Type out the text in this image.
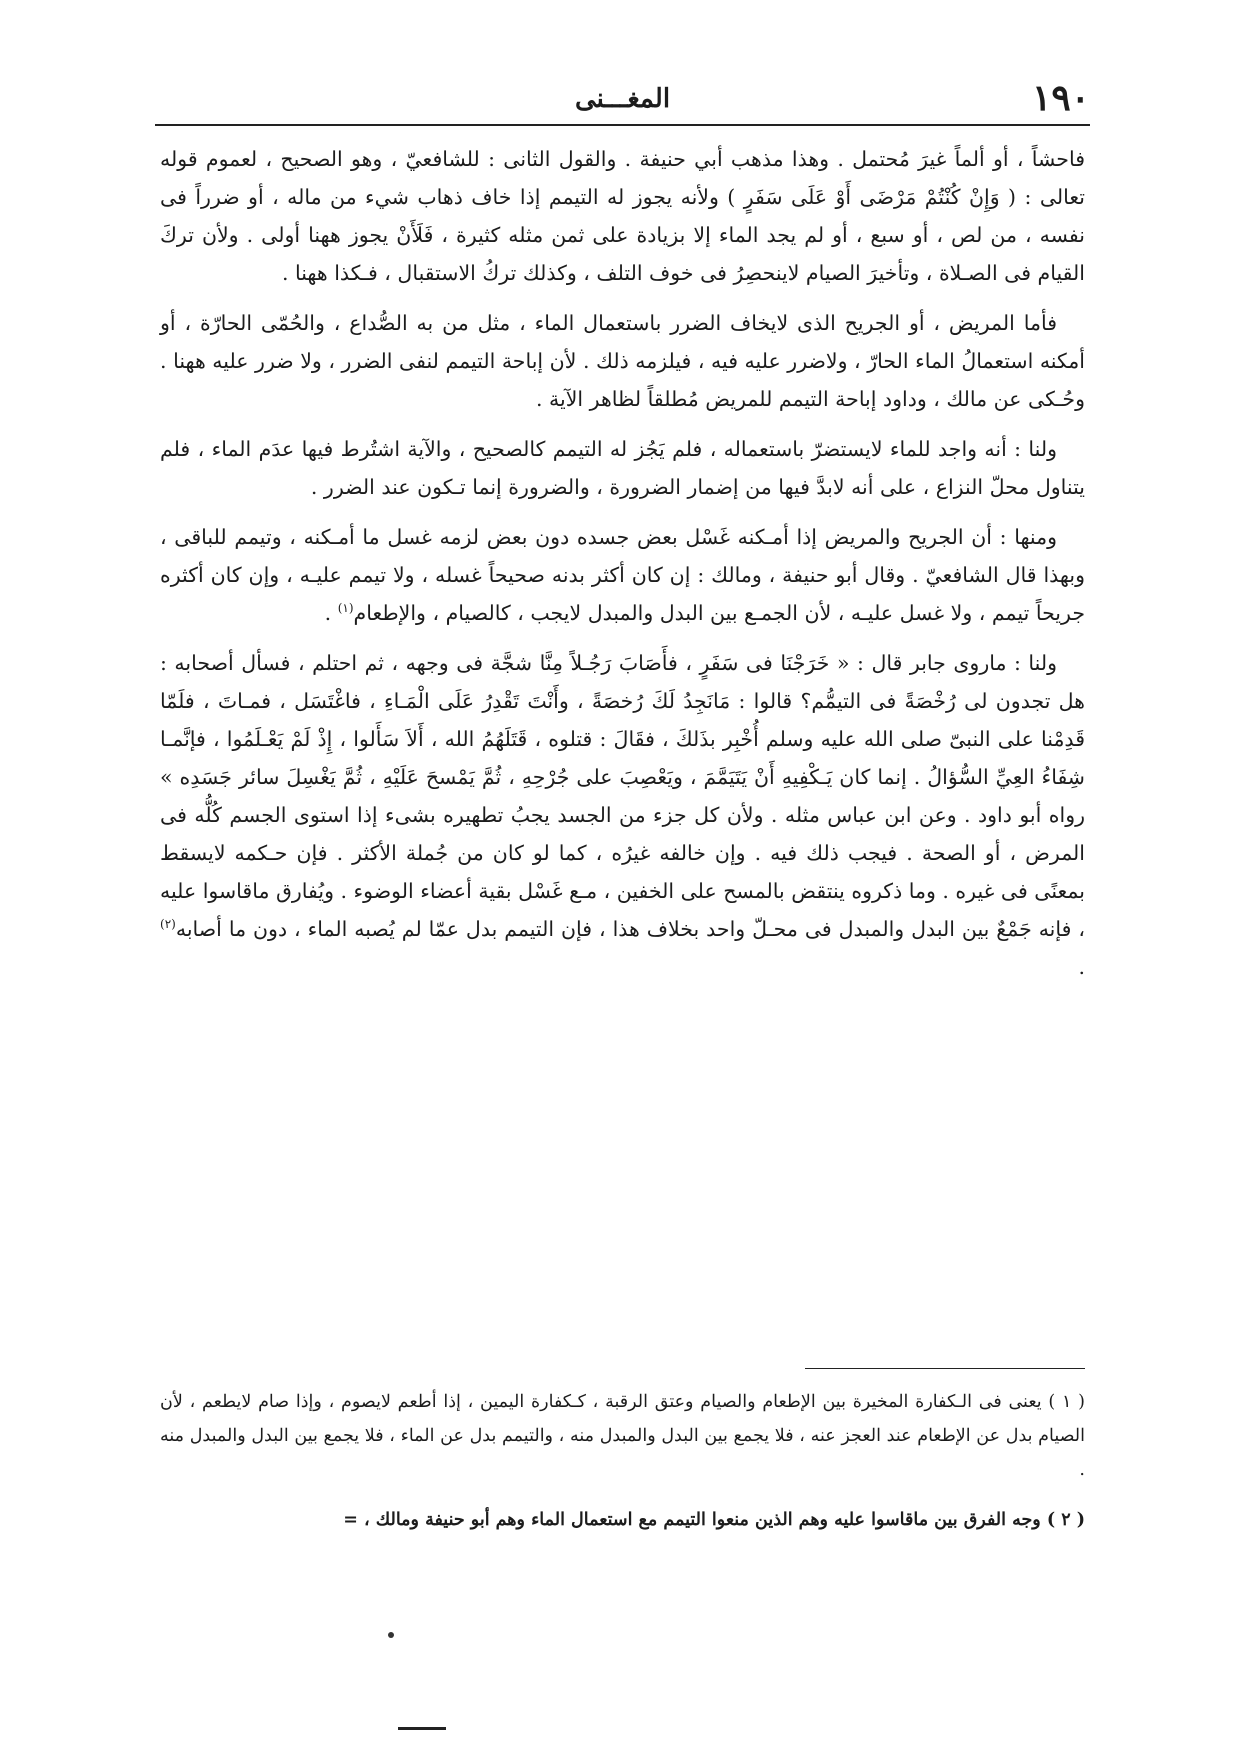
١٩٠
المغـــنى

فاحشاً ، أو ألماً غيرَ مُحتمل . وهذا مذهب أبي حنيفة . والقول الثانى : للشافعيّ ، وهو الصحيح ، لعموم قوله تعالى : ( وَإِنْ كُنْتُمْ مَرْضَى أَوْ عَلَى سَفَرٍ ) ولأنه يجوز له التيمم إذا خاف ذهاب شيء من ماله ، أو ضرراً فى نفسه ، من لص ، أو سبع ، أو لم يجد الماء إلا بزيادة على ثمن مثله كثيرة ، فَلَأَنْ يجوز ههنا أولى . ولأن تركَ القيام فى الصـلاة ، وتأخيرَ الصيام لاينحصِرُ فى خوف التلف ، وكذلك تركُ الاستقبال ، فـكذا ههنا .

فأما المريض ، أو الجريح الذى لايخاف الضرر باستعمال الماء ، مثل من به الصُّداع ، والحُمّى الحارّة ، أو أمكنه استعمالُ الماء الحارّ ، ولاضرر عليه فيه ، فيلزمه ذلك . لأن إباحة التيمم لنفى الضرر ، ولا ضرر عليه ههنا . وحُـكى عن مالك ، وداود إباحة التيمم للمريض مُطلقاً لظاهر الآية .

ولنا : أنه واجد للماء لايستضرّ باستعماله ، فلم يَجُز له التيمم كالصحيح ، والآية اشتُرط فيها عدَم الماء ، فلم يتناول محلّ النزاع ، على أنه لابدَّ فيها من إضمار الضرورة ، والضرورة إنما تـكون عند الضرر .

ومنها : أن الجريح والمريض إذا أمـكنه غَسْل بعض جسده دون بعض لزمه غسل ما أمـكنه ، وتيمم للباقى ، وبهذا قال الشافعيّ . وقال أبو حنيفة ، ومالك : إن كان أكثر بدنه صحيحاً غسله ، ولا تيمم عليـه ، وإن كان أكثره جريحاً تيمم ، ولا غسل عليـه ، لأن الجمـع بين البدل والمبدل لايجب ، كالصيام ، والإطعام$^{(١)}$ .

ولنا : ماروى جابر قال : « خَرَجْنَا فى سَفَرٍ ، فأَصَابَ رَجُـلاً مِنَّا شجَّة فى وجهه ، ثم احتلم ، فسأل أصحابه : هل تجدون لى رُخْصَةً فى التيمُّم؟ قالوا : مَانَجِدُ لَكَ رُخصَةً ، وأَنْتَ تَقْدِرُ عَلَى الْمَـاءِ ، فاغْتَسَل ، فمـاتَ ، فلَمّا قَدِمْنا على النبىّ صلى الله عليه وسلم أُخْبِر بذَلكَ ، فقَالَ : قتلوه ، قَتَلَهُمُ الله ، أَلاَ سَأَلوا ، إِذْ لَمْ يَعْـلَمُوا ، فإنَّمـا شِفَاءُ العِيِّ السُّؤالُ . إنما كان يَـكْفِيهِ أَنْ يَتَيَمَّمَ ، ويَعْصِبَ على جُرْحِهِ ، ثُمَّ يَمْسحَ عَلَيْهِ ، ثُمَّ يَغْسِلَ سائر جَسَدِه » رواه أبو داود . وعن ابن عباس مثله . ولأن كل جزء من الجسد يجبُ تطهيره بشىء إذا استوى الجسم كُلُّه فى المرض ، أو الصحة . فيجب ذلك فيه . وإن خالفه غيرُه ، كما لو كان من جُملة الأكثر . فإن حـكمه لايسقط بمعنًى فى غيره . وما ذكروه ينتقض بالمسح على الخفين ، مـع غَسْل بقية أعضاء الوضوء . ويُفارق ماقاسوا عليه ، فإنه جَمْعٌ بين البدل والمبدل فى محـلّ واحد بخلاف هذا ، فإن التيمم بدل عمّا لم يُصبه الماء ، دون ما أصابه$^{(٢)}$ .

( ١ ) يعنى فى الـكفارة المخيرة بين الإطعام والصيام وعتق الرقبة ، كـكفارة اليمين ، إذا أطعم لايصوم ، وإذا صام لايطعم ، لأن الصيام بدل عن الإطعام عند العجز عنه ، فلا يجمع بين البدل والمبدل منه ، والتيمم بدل عن الماء ، فلا يجمع بين البدل والمبدل منه .

( ٢ ) وجه الفرق بين ماقاسوا عليه وهم الذين منعوا التيمم مع استعمال الماء وهم أبو حنيفة ومالك ، =
